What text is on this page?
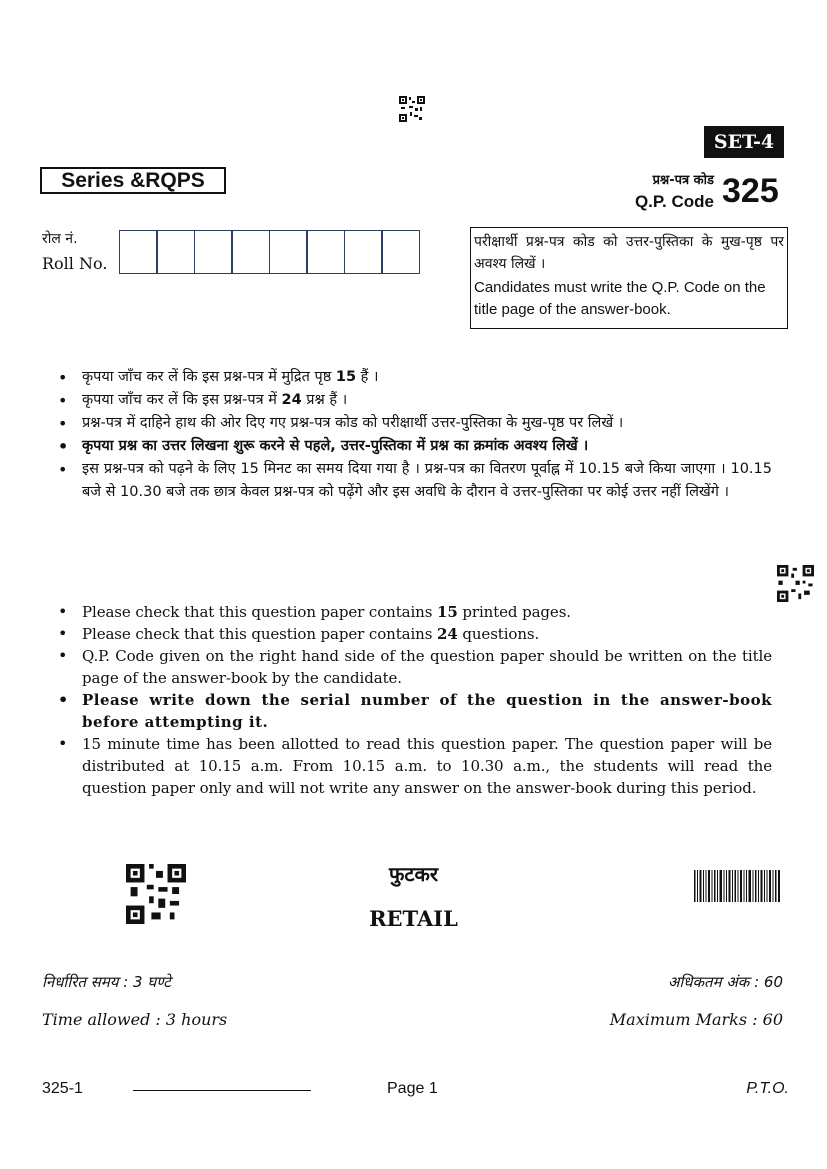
SET-4
Series &RQPS	प्रश्न-पत्र कोड
Q.P. Code 325
रोल नं.
Roll No.
परीक्षार्थी प्रश्न-पत्र कोड को उत्तर-पुस्तिका के मुख-पृष्ठ पर अवश्य लिखें ।
Candidates must write the Q.P. Code on the title page of the answer-book.
• कृपया जाँच कर लें कि इस प्रश्न-पत्र में मुद्रित पृष्ठ 15 हैं ।
• कृपया जाँच कर लें कि इस प्रश्न-पत्र में 24 प्रश्न हैं ।
• प्रश्न-पत्र में दाहिने हाथ की ओर दिए गए प्रश्न-पत्र कोड को परीक्षार्थी उत्तर-पुस्तिका के मुख-पृष्ठ पर लिखें ।
• कृपया प्रश्न का उत्तर लिखना शुरू करने से पहले, उत्तर-पुस्तिका में प्रश्न का क्रमांक अवश्य लिखें ।
• इस प्रश्न-पत्र को पढ़ने के लिए 15 मिनट का समय दिया गया है । प्रश्न-पत्र का वितरण पूर्वाह्न में 10.15 बजे किया जाएगा । 10.15 बजे से 10.30 बजे तक छात्र केवल प्रश्न-पत्र को पढ़ेंगे और इस अवधि के दौरान वे उत्तर-पुस्तिका पर कोई उत्तर नहीं लिखेंगे ।
• Please check that this question paper contains 15 printed pages.
• Please check that this question paper contains 24 questions.
• Q.P. Code given on the right hand side of the question paper should be written on the title page of the answer-book by the candidate.
• Please write down the serial number of the question in the answer-book before attempting it.
• 15 minute time has been allotted to read this question paper. The question paper will be distributed at 10.15 a.m. From 10.15 a.m. to 10.30 a.m., the students will read the question paper only and will not write any answer on the answer-book during this period.
फुटकर
RETAIL
निर्धारित समय : 3 घण्टे
Time allowed : 3 hours
अधिकतम अंक : 60
Maximum Marks : 60
325-1	Page 1	P.T.O.
